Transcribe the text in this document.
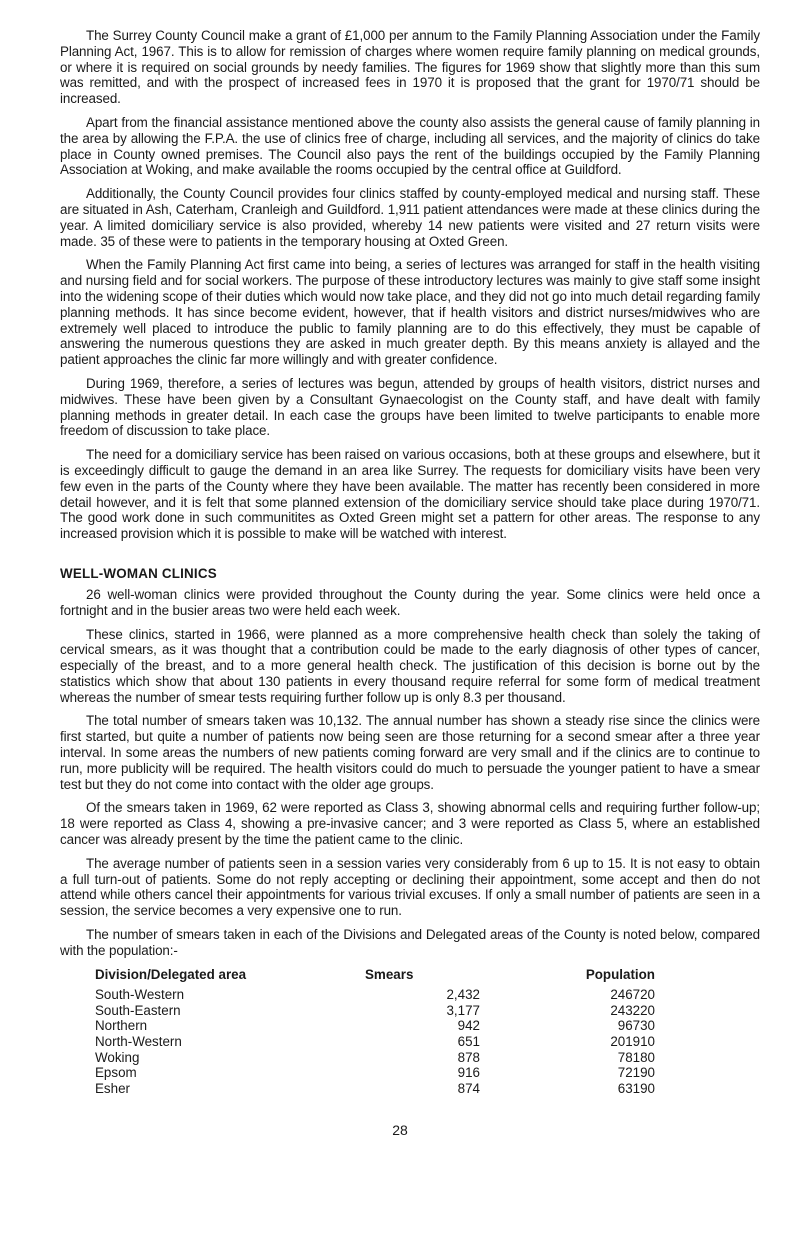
The Surrey County Council make a grant of £1,000 per annum to the Family Planning Association under the Family Planning Act, 1967. This is to allow for remission of charges where women require family planning on medical grounds, or where it is required on social grounds by needy families. The figures for 1969 show that slightly more than this sum was remitted, and with the prospect of increased fees in 1970 it is proposed that the grant for 1970/71 should be increased.

Apart from the financial assistance mentioned above the county also assists the general cause of family planning in the area by allowing the F.P.A. the use of clinics free of charge, including all services, and the majority of clinics do take place in County owned premises. The Council also pays the rent of the buildings occupied by the Family Planning Association at Woking, and make available the rooms occupied by the central office at Guildford.

Additionally, the County Council provides four clinics staffed by county-employed medical and nursing staff. These are situated in Ash, Caterham, Cranleigh and Guildford. 1,911 patient attendances were made at these clinics during the year. A limited domiciliary service is also provided, whereby 14 new patients were visited and 27 return visits were made. 35 of these were to patients in the temporary housing at Oxted Green.

When the Family Planning Act first came into being, a series of lectures was arranged for staff in the health visiting and nursing field and for social workers. The purpose of these introductory lectures was mainly to give staff some insight into the widening scope of their duties which would now take place, and they did not go into much detail regarding family planning methods. It has since become evident, however, that if health visitors and district nurses/midwives who are extremely well placed to introduce the public to family planning are to do this effectively, they must be capable of answering the numerous questions they are asked in much greater depth. By this means anxiety is allayed and the patient approaches the clinic far more willingly and with greater confidence.

During 1969, therefore, a series of lectures was begun, attended by groups of health visitors, district nurses and midwives. These have been given by a Consultant Gynaecologist on the County staff, and have dealt with family planning methods in greater detail. In each case the groups have been limited to twelve participants to enable more freedom of discussion to take place.

The need for a domiciliary service has been raised on various occasions, both at these groups and elsewhere, but it is exceedingly difficult to gauge the demand in an area like Surrey. The requests for domiciliary visits have been very few even in the parts of the County where they have been available. The matter has recently been considered in more detail however, and it is felt that some planned extension of the domiciliary service should take place during 1970/71. The good work done in such communitites as Oxted Green might set a pattern for other areas. The response to any increased provision which it is possible to make will be watched with interest.

WELL-WOMAN CLINICS

26 well-woman clinics were provided throughout the County during the year. Some clinics were held once a fortnight and in the busier areas two were held each week.

These clinics, started in 1966, were planned as a more comprehensive health check than solely the taking of cervical smears, as it was thought that a contribution could be made to the early diagnosis of other types of cancer, especially of the breast, and to a more general health check. The justification of this decision is borne out by the statistics which show that about 130 patients in every thousand require referral for some form of medical treatment whereas the number of smear tests requiring further follow up is only 8.3 per thousand.

The total number of smears taken was 10,132. The annual number has shown a steady rise since the clinics were first started, but quite a number of patients now being seen are those returning for a second smear after a three year interval. In some areas the numbers of new patients coming forward are very small and if the clinics are to continue to run, more publicity will be required. The health visitors could do much to persuade the younger patient to have a smear test but they do not come into contact with the older age groups.

Of the smears taken in 1969, 62 were reported as Class 3, showing abnormal cells and requiring further follow-up; 18 were reported as Class 4, showing a pre-invasive cancer; and 3 were reported as Class 5, where an established cancer was already present by the time the patient came to the clinic.

The average number of patients seen in a session varies very considerably from 6 up to 15. It is not easy to obtain a full turn-out of patients. Some do not reply accepting or declining their appointment, some accept and then do not attend while others cancel their appointments for various trivial excuses. If only a small number of patients are seen in a session, the service becomes a very expensive one to run.

The number of smears taken in each of the Divisions and Delegated areas of the County is noted below, compared with the population:-

Division/Delegated area	Smears	Population
South-Western	2,432	246720
South-Eastern	3,177	243220
Northern	942	96730
North-Western	651	201910
Woking	878	78180
Epsom	916	72190
Esher	874	63190
28
